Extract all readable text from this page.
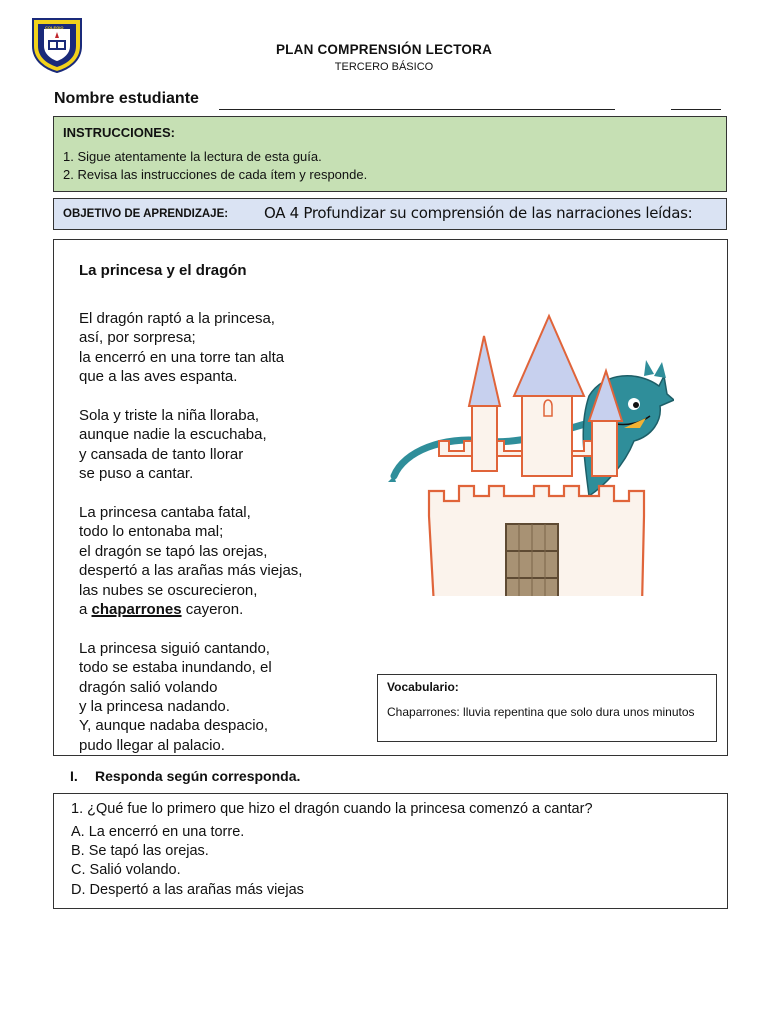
COLEGIO
PLAN COMPRENSIÓN LECTORA
TERCERO BÁSICO
Nombre estudiante
INSTRUCCIONES:
1. Sigue atentamente la lectura de esta guía.
2. Revisa las instrucciones de cada ítem y responde.
OBJETIVO DE APRENDIZAJE: OA 4 Profundizar su comprensión de las narraciones leídas:
La princesa y el dragón
El dragón raptó a la princesa,
así, por sorpresa;
la encerró en una torre tan alta
que a las aves espanta.
Sola y triste la niña lloraba,
aunque nadie la escuchaba,
y cansada de tanto llorar
se puso a cantar.
La princesa cantaba fatal,
todo lo entonaba mal;
el dragón se tapó las orejas,
despertó a las arañas más viejas,
las nubes se oscurecieron,
a chaparrones cayeron.
La princesa siguió cantando,
todo se estaba inundando, el
dragón salió volando
y la princesa nadando.
Y, aunque nadaba despacio,
pudo llegar al palacio.
Vocabulario:
Chaparrones: lluvia repentina que solo dura unos minutos
I. Responda según corresponda.
1. ¿Qué fue lo primero que hizo el dragón cuando la princesa comenzó a cantar?
A. La encerró en una torre.
B. Se tapó las orejas.
C. Salió volando.
D. Despertó a las arañas más viejas
